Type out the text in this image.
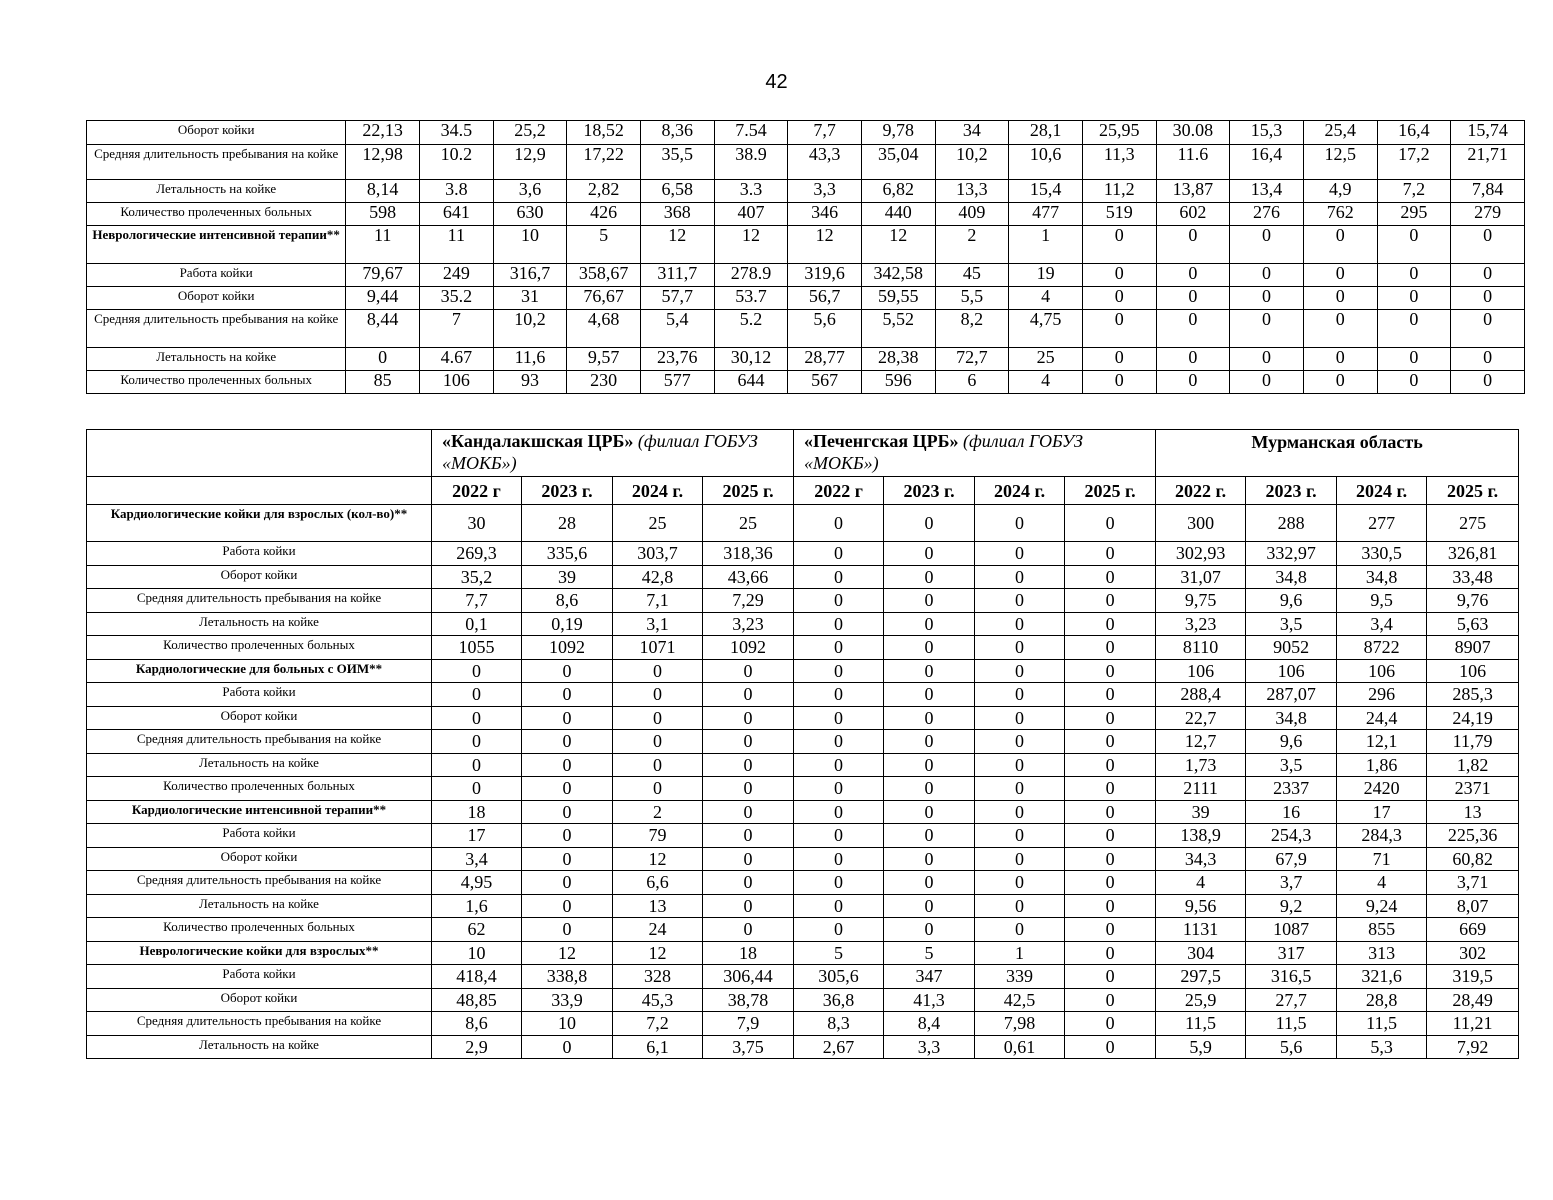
42
Оборот койки	22,13	34.5	25,2	18,52	8,36	7.54	7,7	9,78	34	28,1	25,95	30.08	15,3	25,4	16,4	15,74
Средняя длительность пребывания на койке	12,98	10.2	12,9	17,22	35,5	38.9	43,3	35,04	10,2	10,6	11,3	11.6	16,4	12,5	17,2	21,71
Летальность на койке	8,14	3.8	3,6	2,82	6,58	3.3	3,3	6,82	13,3	15,4	11,2	13,87	13,4	4,9	7,2	7,84
Количество пролеченных больных	598	641	630	426	368	407	346	440	409	477	519	602	276	762	295	279
Неврологические интенсивной терапии**	11	11	10	5	12	12	12	12	2	1	0	0	0	0	0	0
Работа койки	79,67	249	316,7	358,67	311,7	278.9	319,6	342,58	45	19	0	0	0	0	0	0
Оборот койки	9,44	35.2	31	76,67	57,7	53.7	56,7	59,55	5,5	4	0	0	0	0	0	0
Средняя длительность пребывания на койке	8,44	7	10,2	4,68	5,4	5.2	5,6	5,52	8,2	4,75	0	0	0	0	0	0
Летальность на койке	0	4.67	11,6	9,57	23,76	30,12	28,77	28,38	72,7	25	0	0	0	0	0	0
Количество пролеченных больных	85	106	93	230	577	644	567	596	6	4	0	0	0	0	0	0
	«Кандалакшская ЦРБ» (филиал ГОБУЗ «МОКБ»)				«Печенгская ЦРБ» (филиал ГОБУЗ «МОКБ»)				Мурманская область			
	2022 г	2023 г.	2024 г.	2025 г.	2022 г	2023 г.	2024 г.	2025 г.	2022 г.	2023 г.	2024 г.	2025 г.
Кардиологические койки для взрослых (кол-во)**	30	28	25	25	0	0	0	0	300	288	277	275
Работа койки	269,3	335,6	303,7	318,36	0	0	0	0	302,93	332,97	330,5	326,81
Оборот койки	35,2	39	42,8	43,66	0	0	0	0	31,07	34,8	34,8	33,48
Средняя длительность пребывания на койке	7,7	8,6	7,1	7,29	0	0	0	0	9,75	9,6	9,5	9,76
Летальность на койке	0,1	0,19	3,1	3,23	0	0	0	0	3,23	3,5	3,4	5,63
Количество пролеченных больных	1055	1092	1071	1092	0	0	0	0	8110	9052	8722	8907
Кардиологические для больных с ОИМ**	0	0	0	0	0	0	0	0	106	106	106	106
Работа койки	0	0	0	0	0	0	0	0	288,4	287,07	296	285,3
Оборот койки	0	0	0	0	0	0	0	0	22,7	34,8	24,4	24,19
Средняя длительность пребывания на койке	0	0	0	0	0	0	0	0	12,7	9,6	12,1	11,79
Летальность на койке	0	0	0	0	0	0	0	0	1,73	3,5	1,86	1,82
Количество пролеченных больных	0	0	0	0	0	0	0	0	2111	2337	2420	2371
Кардиологические интенсивной терапии**	18	0	2	0	0	0	0	0	39	16	17	13
Работа койки	17	0	79	0	0	0	0	0	138,9	254,3	284,3	225,36
Оборот койки	3,4	0	12	0	0	0	0	0	34,3	67,9	71	60,82
Средняя длительность пребывания на койке	4,95	0	6,6	0	0	0	0	0	4	3,7	4	3,71
Летальность на койке	1,6	0	13	0	0	0	0	0	9,56	9,2	9,24	8,07
Количество пролеченных больных	62	0	24	0	0	0	0	0	1131	1087	855	669
Неврологические койки для взрослых**	10	12	12	18	5	5	1	0	304	317	313	302
Работа койки	418,4	338,8	328	306,44	305,6	347	339	0	297,5	316,5	321,6	319,5
Оборот койки	48,85	33,9	45,3	38,78	36,8	41,3	42,5	0	25,9	27,7	28,8	28,49
Средняя длительность пребывания на койке	8,6	10	7,2	7,9	8,3	8,4	7,98	0	11,5	11,5	11,5	11,21
Летальность на койке	2,9	0	6,1	3,75	2,67	3,3	0,61	0	5,9	5,6	5,3	7,92
